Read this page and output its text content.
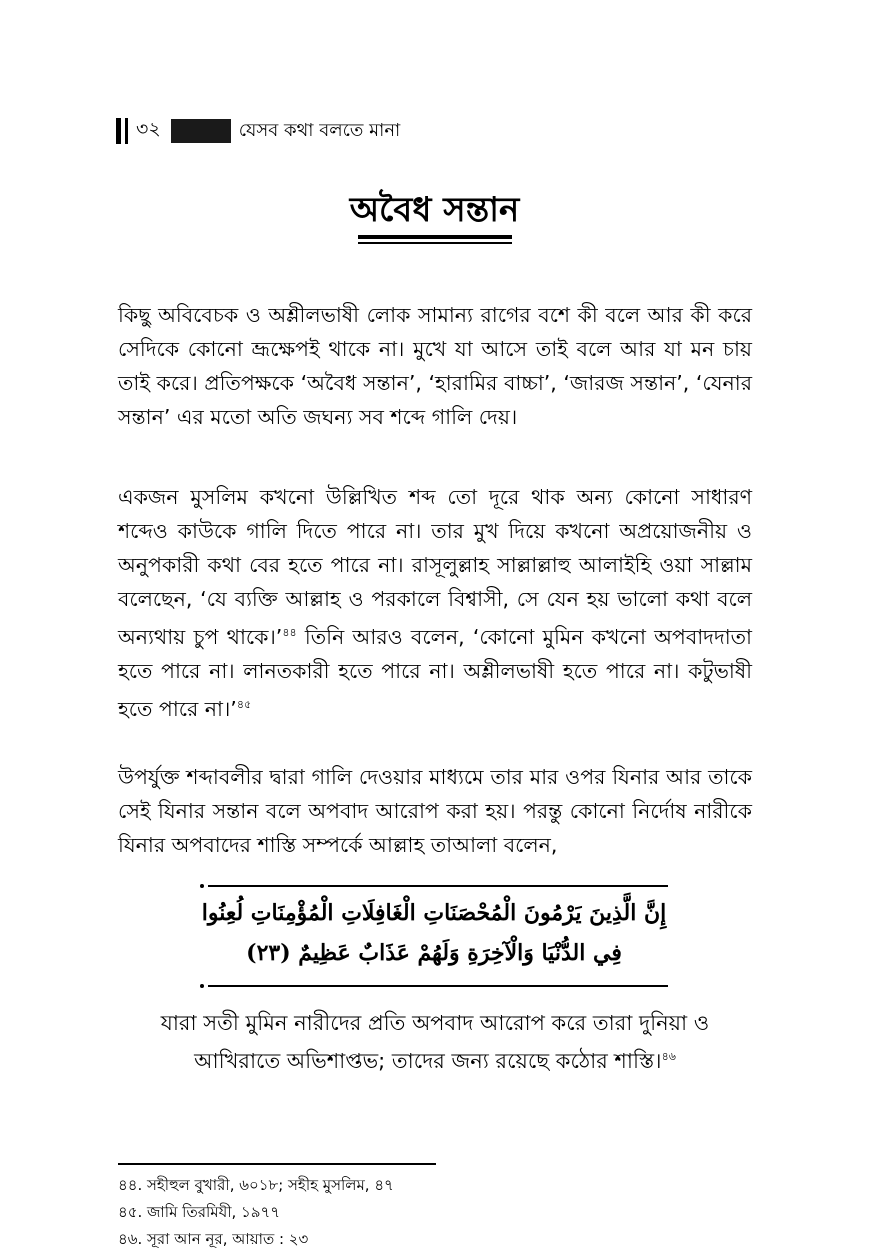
৩২	যেসব কথা বলতে মানা
অবৈধ সন্তান

কিছু অবিবেচক ও অশ্লীলভাষী লোক সামান্য রাগের বশে কী বলে আর কী করে সেদিকে কোনো ভ্রূক্ষেপই থাকে না। মুখে যা আসে তাই বলে আর যা মন চায় তাই করে। প্রতিপক্ষকে ‘অবৈধ সন্তান’, ‘হারামির বাচ্চা’, ‘জারজ সন্তান’, ‘যেনার সন্তান’ এর মতো অতি জঘন্য সব শব্দে গালি দেয়।

একজন মুসলিম কখনো উল্লিখিত শব্দ তো দূরে থাক অন্য কোনো সাধারণ শব্দেও কাউকে গালি দিতে পারে না। তার মুখ দিয়ে কখনো অপ্রয়োজনীয় ও অনুপকারী কথা বের হতে পারে না। রাসূলুল্লাহ সাল্লাল্লাহু আলাইহি ওয়া সাল্লাম বলেছেন, ‘যে ব্যক্তি আল্লাহ ও পরকালে বিশ্বাসী, সে যেন হয় ভালো কথা বলে অন্যথায় চুপ থাকে।’$^{৪৪}$ তিনি আরও বলেন, ‘কোনো মুমিন কখনো অপবাদদাতা হতে পারে না। লানতকারী হতে পারে না। অশ্লীলভাষী হতে পারে না। কটুভাষী হতে পারে না।’$^{৪৫}$

উপর্যুক্ত শব্দাবলীর দ্বারা গালি দেওয়ার মাধ্যমে তার মার ওপর যিনার আর তাকে সেই যিনার সন্তান বলে অপবাদ আরোপ করা হয়। পরন্তু কোনো নির্দোষ নারীকে যিনার অপবাদের শাস্তি সম্পর্কে আল্লাহ তাআলা বলেন,

إِنَّ الَّذِينَ يَرْمُونَ الْمُحْصَنَاتِ الْغَافِلَاتِ الْمُؤْمِنَاتِ لُعِنُوا
فِي الدُّنْيَا وَالْآخِرَةِ وَلَهُمْ عَذَابٌ عَظِيمٌ (٢٣)

যারা সতী মুমিন নারীদের প্রতি অপবাদ আরোপ করে তারা দুনিয়া ও আখিরাতে অভিশাপ্তভ; তাদের জন্য রয়েছে কঠোর শাস্তি।$^{৪৬}$

৪৪. সহীহুল বুখারী, ৬০১৮; সহীহ মুসলিম, ৪৭
৪৫. জামি তিরমিযী, ১৯৭৭
৪৬. সূরা আন নূর, আয়াত : ২৩
